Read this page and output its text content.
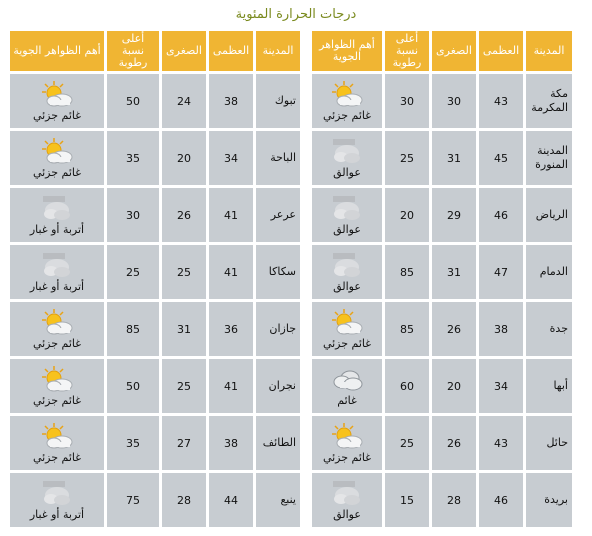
درجات الحرارة المئوية
المدينة	العظمى	الصغرى	أعلى
نسبة
رطوبة	أهم الظواهر الجوية
مكة المكرمة	43	30	30	غائم جزئي

المدينة المنورة	45	31	25	عوالق

الرياض	46	29	20	عوالق

الدمام	47	31	85	عوالق

جدة	38	26	85	غائم جزئي

أبها	34	20	60	غائم

حائل	43	26	25	غائم جزئي

بريدة	46	28	15	عوالق
المدينة	العظمى	الصغرى	أعلى
نسبة
رطوبة	أهم الظواهر الجوية
تبوك	38	24	50	غائم جزئي

الباحة	34	20	35	غائم جزئي

عرعر	41	26	30	أتربة أو غبار

سكاكا	41	25	25	أتربة أو غبار

جازان	36	31	85	غائم جزئي

نجران	41	25	50	غائم جزئي

الطائف	38	27	35	غائم جزئي

ينبع	44	28	75	أتربة أو غبار
